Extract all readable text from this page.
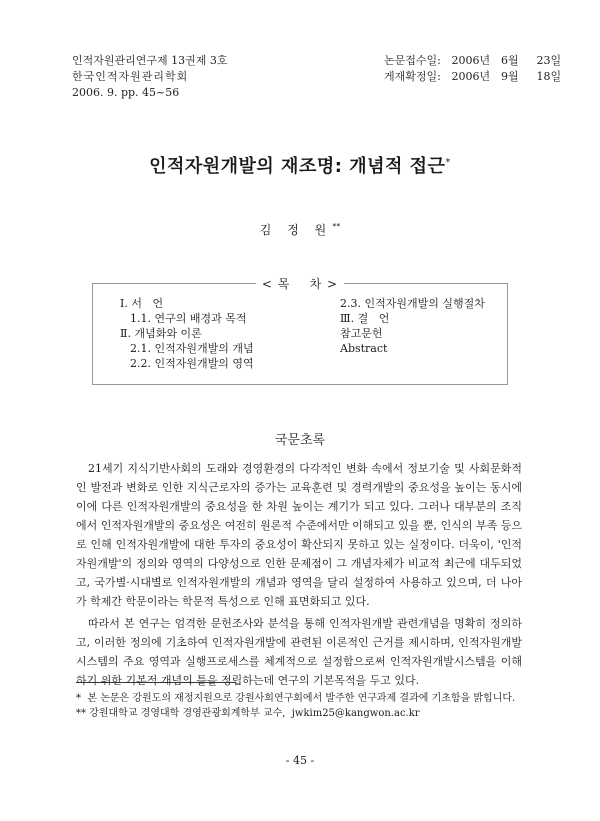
인적자원관리연구제 13권제 3호
한국인적자원관리학회
2006. 9. pp. 45~56
논문접수일: 2006년 6월 23일
게재확정일: 2006년 9월 18일
인적자원개발의 재조명: 개념적 접근*
김 정 원**
< 목    차 >
Ⅰ. 서   언
1.1. 연구의 배경과 목적
Ⅱ. 개념화와 이론
2.1. 인적자원개발의 개념
2.2. 인적자원개발의 영역
2.3. 인적자원개발의 실행절차
Ⅲ. 결   언
참고문헌
Abstract
국문초록

21세기 지식기반사회의 도래와 경영환경의 다각적인 변화 속에서 정보기술 및 사회문화적인 발전과 변화로 인한 지식근로자의 증가는 교육훈련 및 경력개발의 중요성을 높이는 동시에 이에 다른 인적자원개발의 중요성을 한 차원 높이는 계기가 되고 있다. 그러나 대부분의 조직에서 인적자원개발의 중요성은 여전히 원론적 수준에서만 이해되고 있을 뿐, 인식의 부족 등으로 인해 인적자원개발에 대한 투자의 중요성이 확산되지 못하고 있는 실정이다. 더욱이, '인적자원개발'의 정의와 영역의 다양성으로 인한 문제점이 그 개념자체가 비교적 최근에 대두되었고, 국가별·시대별로 인적자원개발의 개념과 영역을 달리 설정하여 사용하고 있으며, 더 나아가 학제간 학문이라는 학문적 특성으로 인해 표면화되고 있다.

따라서 본 연구는 엄격한 문헌조사와 분석을 통해 인적자원개발 관련개념을 명확히 정의하고, 이러한 정의에 기초하여 인적자원개발에 관련된 이론적인 근거를 제시하며, 인적자원개발시스템의 주요 영역과 실행프로세스를 체계적으로 설정함으로써 인적자원개발시스템을 이해하기 위한 기본적 개념의 틀을 정립하는데 연구의 기본목적을 두고 있다.

*  본 논문은 강원도의 재정지원으로 강원사회연구회에서 발주한 연구과제 결과에 기초함을 밝힙니다.
** 강원대학교 경영대학 경영관광회계학부 교수,  jwkim25@kangwon.ac.kr
- 45 -
